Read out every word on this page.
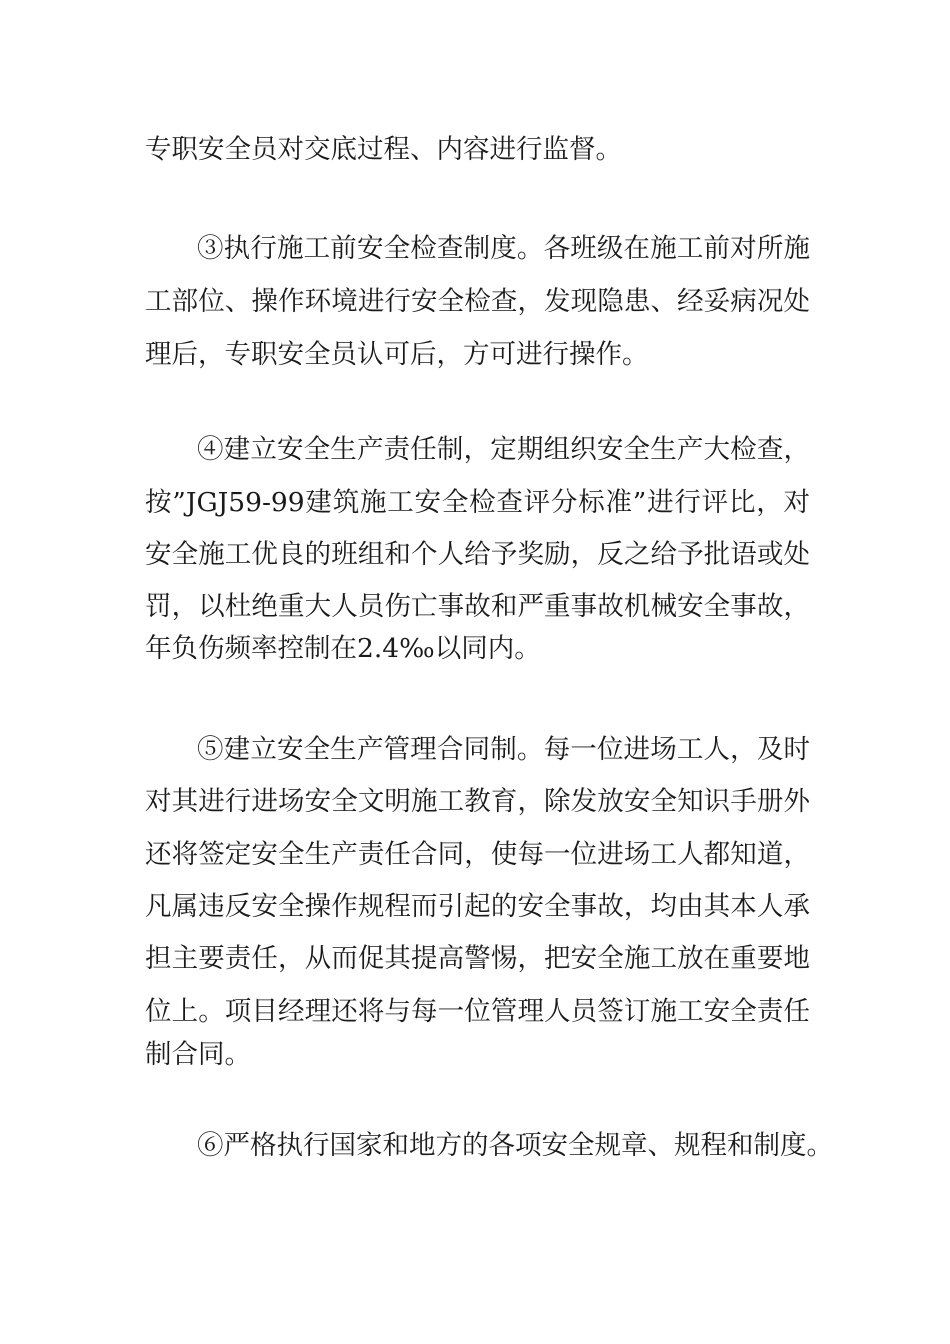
专职安全员对交底过程、内容进行监督。
③执行施工前安全检查制度。各班级在施工前对所施
工部位、操作环境进行安全检查，发现隐患、经妥病况处
理后，专职安全员认可后，方可进行操作。
④建立安全生产责任制，定期组织安全生产大检查，
按”JGJ59-99建筑施工安全检查评分标准”进行评比，对
安全施工优良的班组和个人给予奖励，反之给予批语或处
罚，以杜绝重大人员伤亡事故和严重事故机械安全事故，
年负伤频率控制在2.4‰以同内。
⑤建立安全生产管理合同制。每一位进场工人，及时
对其进行进场安全文明施工教育，除发放安全知识手册外
还将签定安全生产责任合同，使每一位进场工人都知道，
凡属违反安全操作规程而引起的安全事故，均由其本人承
担主要责任，从而促其提高警惕，把安全施工放在重要地
位上。项目经理还将与每一位管理人员签订施工安全责任
制合同。
⑥严格执行国家和地方的各项安全规章、规程和制度。
